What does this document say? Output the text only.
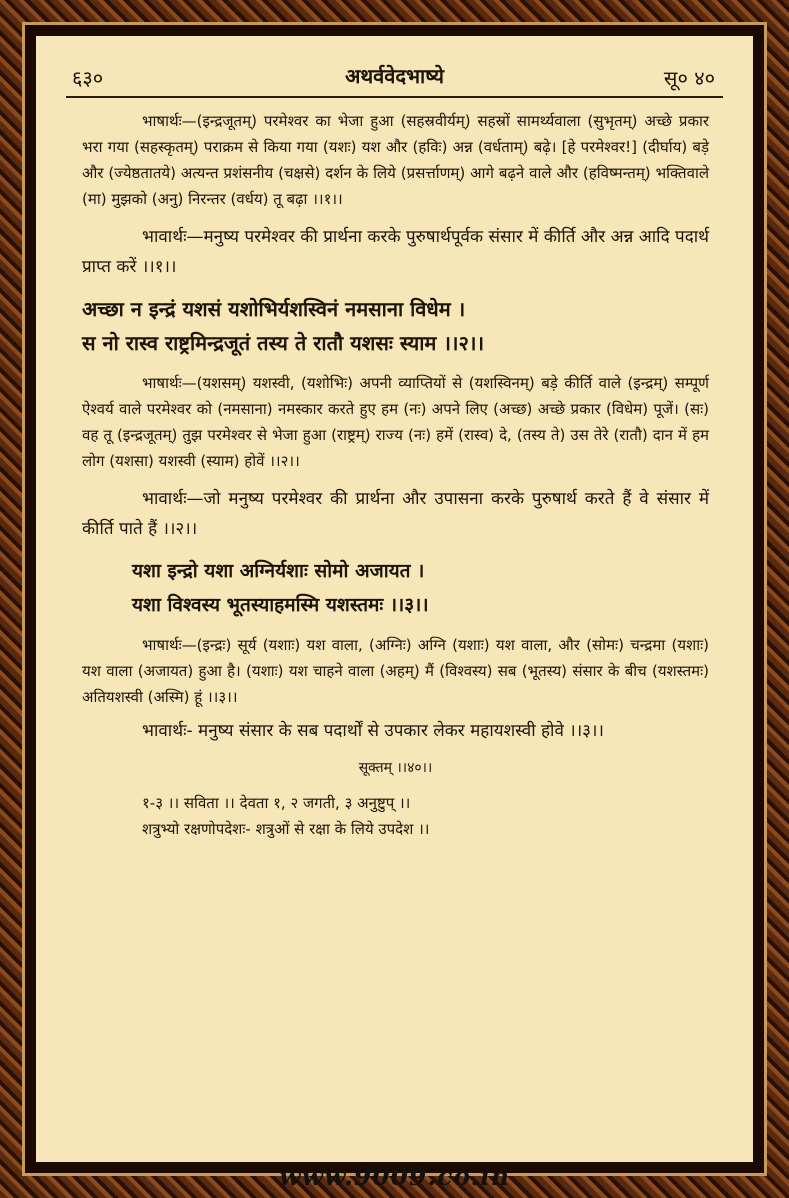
६३०	अथर्ववेदभाष्ये	सू० ४०

भाषार्थः—(इन्द्रजूतम्) परमेश्वर का भेजा हुआ (सहस्रवीर्यम्) सहस्रों सामर्थ्यवाला (सुभृतम्) अच्छे प्रकार भरा गया (सहस्कृतम्) पराक्रम से किया गया (यशः) यश और (हविः) अन्न (वर्धताम्) बढ़े। [हे परमेश्वर!] (दीर्घाय) बड़े और (ज्येष्ठतातये) अत्यन्त प्रशंसनीय (चक्षसे) दर्शन के लिये (प्रसर्त्ताणम्) आगे बढ़ने वाले और (हविष्मन्तम्) भक्तिवाले (मा) मुझको (अनु) निरन्तर (वर्धय) तू बढ़ा ।।१।।

भावार्थः—मनुष्य परमेश्वर की प्रार्थना करके पुरुषार्थपूर्वक संसार में कीर्ति और अन्न आदि पदार्थ प्राप्त करें ।।१।।

अच्छा न इन्द्रं यशसं यशोभिर्यशस्विनं नमसाना विधेम ।

स नो रास्व राष्ट्रमिन्द्रजूतं तस्य ते रातौ यशसः स्याम ।।२।।

भाषार्थः—(यशसम्) यशस्वी, (यशोभिः) अपनी व्याप्तियों से (यशस्विनम्) बड़े कीर्ति वाले (इन्द्रम्) सम्पूर्ण ऐश्वर्य वाले परमेश्वर को (नमसाना) नमस्कार करते हुए हम (नः) अपने लिए (अच्छ) अच्छे प्रकार (विधेम) पूजें। (सः) वह तू (इन्द्रजूतम्) तुझ परमेश्वर से भेजा हुआ (राष्ट्रम्) राज्य (नः) हमें (रास्व) दे, (तस्य ते) उस तेरे (रातौ) दान में हम लोग (यशसा) यशस्वी (स्याम) होवें ।।२।।

भावार्थः—जो मनुष्य परमेश्वर की प्रार्थना और उपासना करके पुरुषार्थ करते हैं वे संसार में कीर्ति पाते हैं ।।२।।

यशा इन्द्रो यशा अग्निर्यशाः सोमो अजायत ।

यशा विश्वस्य भूतस्याहमस्मि यशस्तमः ।।३।।

भाषार्थः—(इन्द्रः) सूर्य (यशाः) यश वाला, (अग्निः) अग्नि (यशाः) यश वाला, और (सोमः) चन्द्रमा (यशाः) यश वाला (अजायत) हुआ है। (यशाः) यश चाहने वाला (अहम्) मैं (विश्वस्य) सब (भूतस्य) संसार के बीच (यशस्तमः) अतियशस्वी (अस्मि) हूं ।।३।।

भावार्थः- मनुष्य संसार के सब पदार्थों से उपकार लेकर महायशस्वी होवे ।।३।।

सूक्तम् ।।४०।।
१-३ ।। सविता ।। देवता १, २ जगती, ३ अनुष्टुप् ।।
शत्रुभ्यो रक्षणोपदेशः- शत्रुओं से रक्षा के लिये उपदेश ।।
www.9009.co.in
